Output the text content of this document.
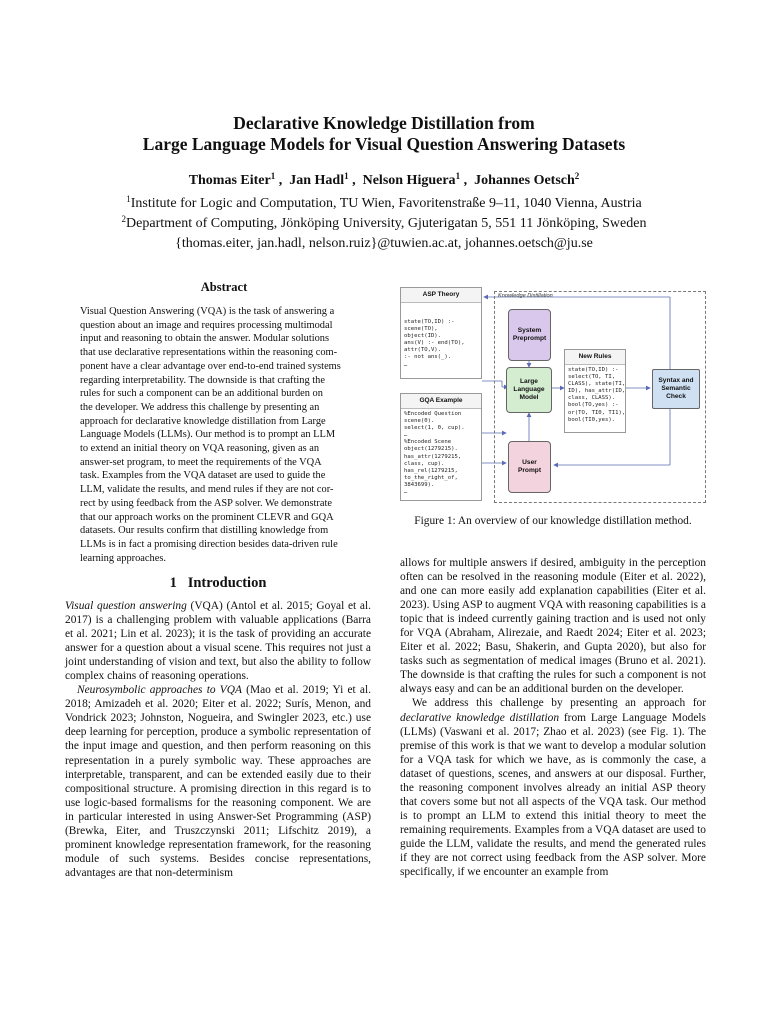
Declarative Knowledge Distillation from
Large Language Models for Visual Question Answering Datasets
Thomas Eiter$^1$ , Jan Hadl$^1$ , Nelson Higuera$^1$ , Johannes Oetsch$^2$
$^1$Institute for Logic and Computation, TU Wien, Favoritenstraße 9–11, 1040 Vienna, Austria
$^2$Department of Computing, Jönköping University, Gjuterigatan 5, 551 11 Jönköping, Sweden
{thomas.eiter, jan.hadl, nelson.ruiz}@tuwien.ac.at, johannes.oetsch@ju.se
Abstract
Visual Question Answering (VQA) is the task of answering a
question about an image and requires processing multimodal
input and reasoning to obtain the answer. Modular solutions
that use declarative representations within the reasoning com-
ponent have a clear advantage over end-to-end trained systems
regarding interpretability. The downside is that crafting the
rules for such a component can be an additional burden on
the developer. We address this challenge by presenting an
approach for declarative knowledge distillation from Large
Language Models (LLMs). Our method is to prompt an LLM
to extend an initial theory on VQA reasoning, given as an
answer-set program, to meet the requirements of the VQA
task. Examples from the VQA dataset are used to guide the
LLM, validate the results, and mend rules if they are not cor-
rect by using feedback from the ASP solver. We demonstrate
that our approach works on the prominent CLEVR and GQA
datasets. Our results confirm that distilling knowledge from
LLMs is in fact a promising direction besides data-driven rule
learning approaches.
Knowledge Distillation
ASP Theory
state(TO,ID) :-
scene(TO),
object(ID).
ans(V) :- end(TO),
attr(TO,V).
:- not ans(_).
…
GQA Example
%Encoded Question
scene(0).
select(1, 0, cup).
…
%Encoded Scene
object(1279215).
has_attr(1279215,
class, cup).
has_rel(1279215,
to_the_right_of,
3843699).
…
System
Preprompt
Large
Language
Model
User
Prompt
New Rules
state(TO,ID) :-
select(TO, TI,
CLASS), state(TI,
ID), has_attr(ID,
class, CLASS).
bool(TO,yes) :-
or(TO, TI0, TI1),
bool(TI0,yes).
Syntax and
Semantic
Check
Figure 1: An overview of our knowledge distillation method.
1 Introduction

Visual question answering (VQA) (Antol et al. 2015; Goyal et al. 2017) is a challenging problem with valuable applications (Barra et al. 2021; Lin et al. 2023); it is the task of providing an accurate answer for a question about a visual scene. This requires not just a joint understanding of vision and text, but also the ability to follow complex chains of reasoning operations.

Neurosymbolic approaches to VQA (Mao et al. 2019; Yi et al. 2018; Amizadeh et al. 2020; Eiter et al. 2022; Surís, Menon, and Vondrick 2023; Johnston, Nogueira, and Swingler 2023, etc.) use deep learning for perception, produce a symbolic representation of the input image and question, and then perform reasoning on this representation in a purely symbolic way. These approaches are interpretable, transparent, and can be extended easily due to their compositional structure. A promising direction in this regard is to use logic-based formalisms for the reasoning component. We are in particular interested in using Answer-Set Programming (ASP) (Brewka, Eiter, and Truszczynski 2011; Lifschitz 2019), a prominent knowledge representation framework, for the reasoning module of such systems. Besides concise representations, advantages are that non-determinism

allows for multiple answers if desired, ambiguity in the perception often can be resolved in the reasoning module (Eiter et al. 2022), and one can more easily add explanation capabilities (Eiter et al. 2023). Using ASP to augment VQA with reasoning capabilities is a topic that is indeed currently gaining traction and is used not only for VQA (Abraham, Alirezaie, and Raedt 2024; Eiter et al. 2023; Eiter et al. 2022; Basu, Shakerin, and Gupta 2020), but also for tasks such as segmentation of medical images (Bruno et al. 2021). The downside is that crafting the rules for such a component is not always easy and can be an additional burden on the developer.

We address this challenge by presenting an approach for declarative knowledge distillation from Large Language Models (LLMs) (Vaswani et al. 2017; Zhao et al. 2023) (see Fig. 1). The premise of this work is that we want to develop a modular solution for a VQA task for which we have, as is commonly the case, a dataset of questions, scenes, and answers at our disposal. Further, the reasoning component involves already an initial ASP theory that covers some but not all aspects of the VQA task. Our method is to prompt an LLM to extend this initial theory to meet the remaining requirements. Examples from a VQA dataset are used to guide the LLM, validate the results, and mend the generated rules if they are not correct using feedback from the ASP solver. More specifically, if we encounter an example from
